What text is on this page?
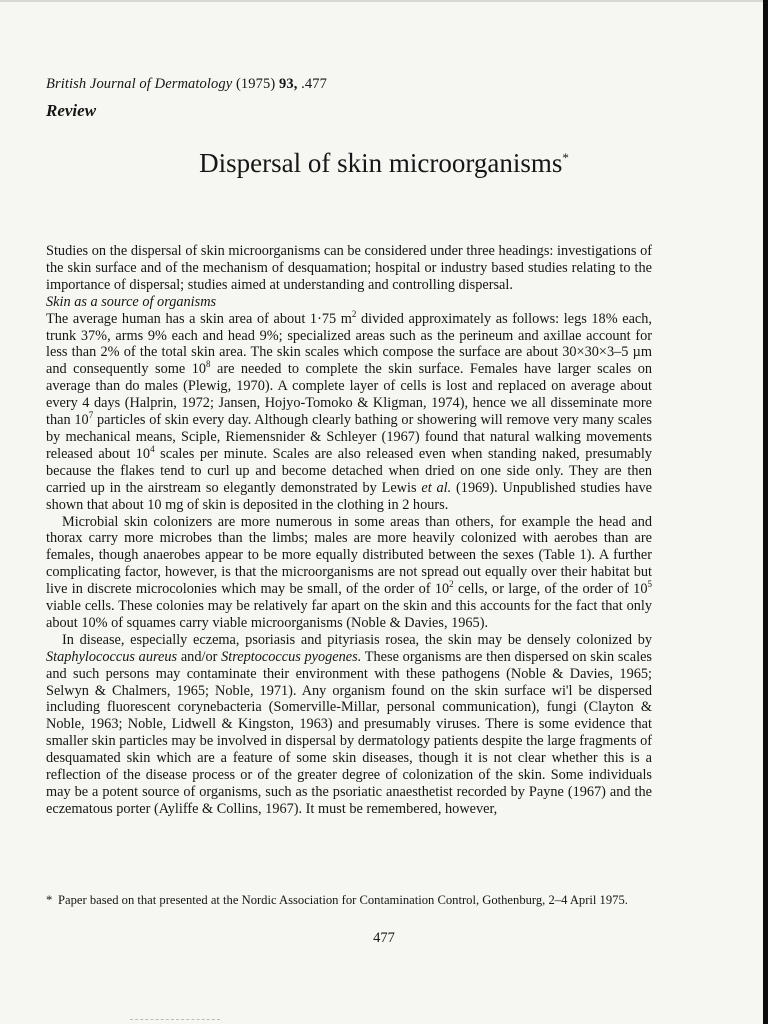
British Journal of Dermatology (1975) 93, .477
Review
Dispersal of skin microorganisms*

Studies on the dispersal of skin microorganisms can be considered under three headings: investigations of the skin surface and of the mechanism of desquamation; hospital or industry based studies relating to the importance of dispersal; studies aimed at understanding and controlling dispersal.

Skin as a source of organisms

The average human has a skin area of about 1·75 $m^2$ divided approximately as follows: legs 18% each, trunk 37%, arms 9% each and head 9%; specialized areas such as the perineum and axillae account for less than 2% of the total skin area. The skin scales which compose the surface are about 30×30×3–5 µm and consequently some $10^8$ are needed to complete the skin surface. Females have larger scales on average than do males (Plewig, 1970). A complete layer of cells is lost and replaced on average about every 4 days (Halprin, 1972; Jansen, Hojyo-Tomoko & Kligman, 1974), hence we all disseminate more than $10^7$ particles of skin every day. Although clearly bathing or showering will remove very many scales by mechanical means, Sciple, Riemensnider & Schleyer (1967) found that natural walking movements released about $10^4$ scales per minute. Scales are also released even when standing naked, presumably because the flakes tend to curl up and become detached when dried on one side only. They are then carried up in the airstream so elegantly demonstrated by Lewis et al. (1969). Unpublished studies have shown that about 10 mg of skin is deposited in the clothing in 2 hours.

Microbial skin colonizers are more numerous in some areas than others, for example the head and thorax carry more microbes than the limbs; males are more heavily colonized with aerobes than are females, though anaerobes appear to be more equally distributed between the sexes (Table 1). A further complicating factor, however, is that the microorganisms are not spread out equally over their habitat but live in discrete microcolonies which may be small, of the order of $10^2$ cells, or large, of the order of $10^5$ viable cells. These colonies may be relatively far apart on the skin and this accounts for the fact that only about 10% of squames carry viable microorganisms (Noble & Davies, 1965).

In disease, especially eczema, psoriasis and pityriasis rosea, the skin may be densely colonized by Staphylococcus aureus and/or Streptococcus pyogenes. These organisms are then dispersed on skin scales and such persons may contaminate their environment with these pathogens (Noble & Davies, 1965; Selwyn & Chalmers, 1965; Noble, 1971). Any organism found on the skin surface wi'l be dispersed including fluorescent corynebacteria (Somerville-Millar, personal communication), fungi (Clayton & Noble, 1963; Noble, Lidwell & Kingston, 1963) and presumably viruses. There is some evidence that smaller skin particles may be involved in dispersal by dermatology patients despite the large fragments of desquamated skin which are a feature of some skin diseases, though it is not clear whether this is a reflection of the disease process or of the greater degree of colonization of the skin. Some individuals may be a potent source of organisms, such as the psoriatic anaesthetist recorded by Payne (1967) and the eczematous porter (Ayliffe & Collins, 1967). It must be remembered, however,

* Paper based on that presented at the Nordic Association for Contamination Control, Gothenburg, 2–4 April 1975.
477
